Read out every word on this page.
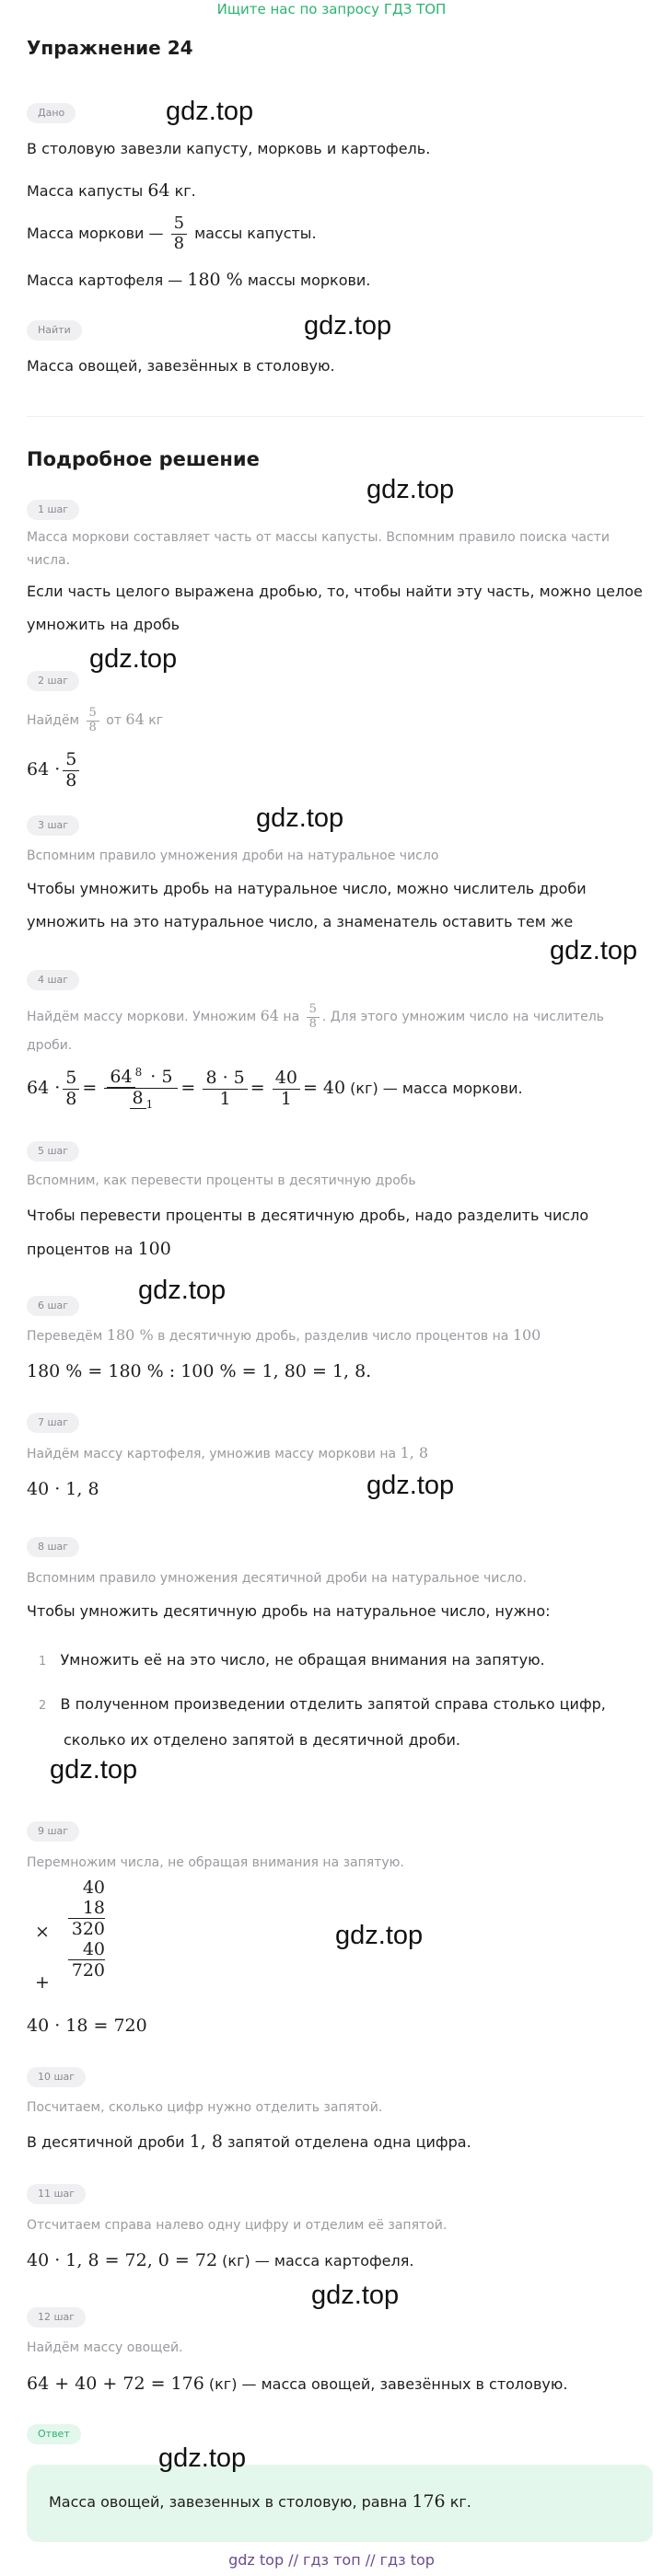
Ищите нас по запросу ГДЗ ТОП
Упражнение 24
Дано	gdz.top
В столовую завезли капусту, морковь и картофель.
Масса капусты 64 кг.
Масса моркови — $\frac{5}{8}$ массы капусты.
Масса картофеля — 180 % массы моркови.
Найти	gdz.top
Масса овощей, завезённых в столовую.
Подробное решение
1 шаг
gdz.top
Масса моркови составляет часть от массы капусты. Вспомним правило поиска части
числа.
Если часть целого выражена дробью, то, чтобы найти эту часть, можно целое
умножить на дробь
gdz.top
2 шаг
Найдём $\frac{5}{8}$ от 64 кг
$64 \cdot \frac{5}{8}$
gdz.top
3 шаг
Вспомним правило умножения дроби на натуральное число
Чтобы умножить дробь на натуральное число, можно числитель дроби
умножить на это натуральное число, а знаменатель оставить тем же
gdz.top
4 шаг
Найдём массу моркови. Умножим 64 на $\frac{5}{8}$ . Для этого умножим число на числитель
дроби.
$64 \cdot \frac{5}{8} = \frac{64 ^8 \cdot 5}{8 _1} = \frac{8 \cdot 5}{1} = \frac{40}{1} = 40$ (кг) — масса моркови.
5 шаг
Вспомним, как перевести проценты в десятичную дробь
Чтобы перевести проценты в десятичную дробь, надо разделить число
процентов на 100
gdz.top
6 шаг
Переведём 180 % в десятичную дробь, разделив число процентов на 100
180 % = 180 % : 100 % = 1, 80 = 1, 8.
7 шаг
Найдём массу картофеля, умножив массу моркови на 1, 8
40 · 1, 8	gdz.top
8 шаг
Вспомним правило умножения десятичной дроби на натуральное число.
Чтобы умножить десятичную дробь на натуральное число, нужно:
1 Умножить её на это число, не обращая внимания на запятую.
2 В полученном произведении отделить запятой справа столько цифр,
сколько их отделено запятой в десятичной дроби.
gdz.top
9 шаг
Перемножим числа, не обращая внимания на запятую.
×
40
18
320
40
720
+
gdz.top
40 · 18 = 720
10 шаг
Посчитаем, сколько цифр нужно отделить запятой.
В десятичной дроби 1, 8 запятой отделена одна цифра.
11 шаг
Отсчитаем справа налево одну цифру и отделим её запятой.
40 · 1, 8 = 72, 0 = 72 (кг) — масса картофеля.
gdz.top
12 шаг
Найдём массу овощей.
64 + 40 + 72 = 176 (кг) — масса овощей, завезённых в столовую.
Ответ
Масса овощей, завезенных в столовую, равна 176 кг.
gdz.top
gdz top // гдз топ // гдз top
